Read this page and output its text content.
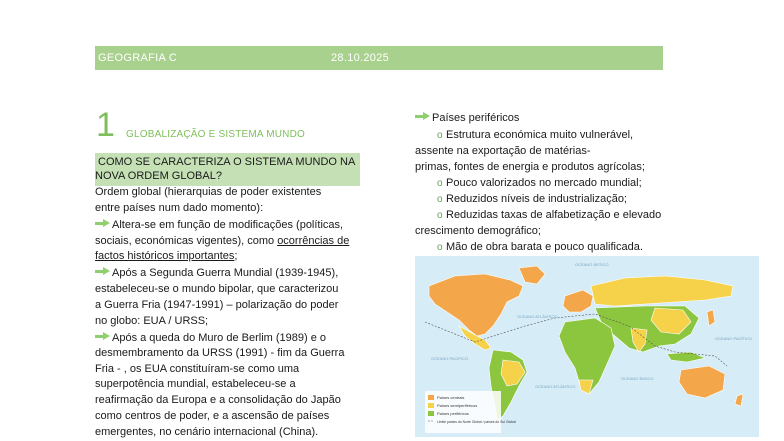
GEOGRAFIA C	28.10.2025
1 GLOBALIZAÇÃO E SISTEMA MUNDO
COMO SE CARACTERIZA O SISTEMA MUNDO NA
NOVA ORDEM GLOBAL?
Ordem global (hierarquias de poder existentes
entre países num dado momento):
Altera-se em função de modificações (políticas,
sociais, económicas vigentes), como ocorrências de
factos históricos importantes;
Após a Segunda Guerra Mundial (1939-1945),
estabeleceu-se o mundo bipolar, que caracterizou
a Guerra Fria (1947-1991) – polarização do poder
no globo: EUA / URSS;
Após a queda do Muro de Berlim (1989) e o
desmembramento da URSS (1991) - fim da Guerra
Fria - , os EUA constituíram-se como uma
superpotência mundial, estabeleceu-se a
reafirmação da Europa e a consolidação do Japão
como centros de poder, e a ascensão de países
emergentes, no cenário internacional (China).
Países periféricos
o Estrutura económica muito vulnerável,
assente na exportação de matérias-
primas, fontes de energia e produtos agrícolas;
o Pouco valorizados no mercado mundial;
o Reduzidos níveis de industrialização;
o Reduzidas taxas de alfabetização e elevado
crescimento demográfico;
o Mão de obra barata e pouco qualificada.
OCEANO ÁRTICO
OCEANO ATLÂNTICO
OCEANO PACÍFICO
OCEANO ÍNDICO
OCEANO PACÍFICO
OCEANO ATLÂNTICO
Países centrais
Países semiperiféricos
Países periféricos
Limite países do Norte Global / países do Sul Global
